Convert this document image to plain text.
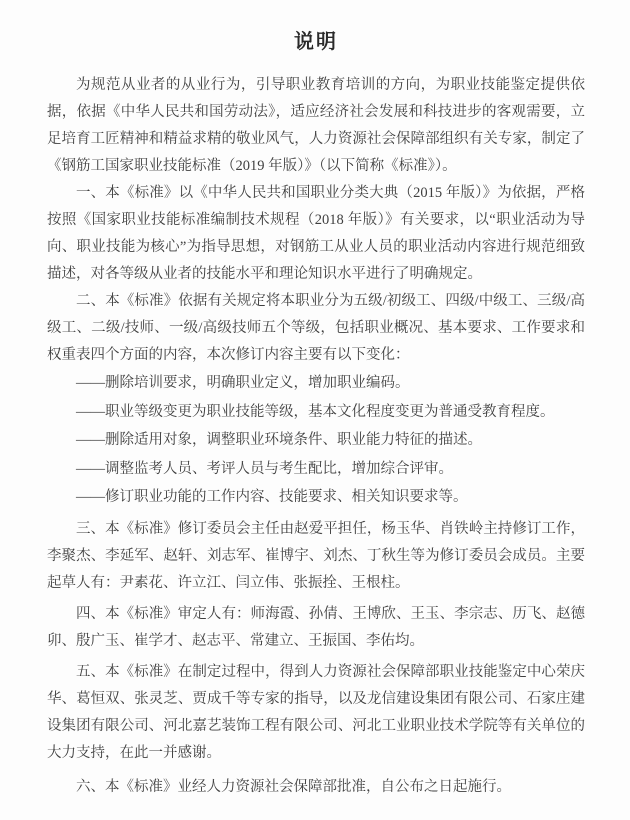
说明

为规范从业者的从业行为，引导职业教育培训的方向，为职业技能鉴定提供依据，依据《中华人民共和国劳动法》，适应经济社会发展和科技进步的客观需要，立足培育工匠精神和精益求精的敬业风气，人力资源社会保障部组织有关专家，制定了《钢筋工国家职业技能标准（2019 年版）》（以下简称《标准》）。

一、本《标准》以《中华人民共和国职业分类大典（2015 年版）》为依据，严格按照《国家职业技能标准编制技术规程（2018 年版）》有关要求，以“职业活动为导向、职业技能为核心”为指导思想，对钢筋工从业人员的职业活动内容进行规范细致描述，对各等级从业者的技能水平和理论知识水平进行了明确规定。

二、本《标准》依据有关规定将本职业分为五级/初级工、四级/中级工、三级/高级工、二级/技师、一级/高级技师五个等级，包括职业概况、基本要求、工作要求和权重表四个方面的内容，本次修订内容主要有以下变化：

——删除培训要求，明确职业定义，增加职业编码。

——职业等级变更为职业技能等级，基本文化程度变更为普通受教育程度。

——删除适用对象，调整职业环境条件、职业能力特征的描述。

——调整监考人员、考评人员与考生配比，增加综合评审。

——修订职业功能的工作内容、技能要求、相关知识要求等。

三、本《标准》修订委员会主任由赵爱平担任，杨玉华、肖铁岭主持修订工作，李聚杰、李延军、赵轩、刘志军、崔博宇、刘杰、丁秋生等为修订委员会成员。主要起草人有：尹素花、许立江、闫立伟、张振拴、王根柱。

四、本《标准》审定人有：师海霞、孙倩、王博欣、王玉、李宗志、历飞、赵德卯、殷广玉、崔学才、赵志平、常建立、王振国、李佑均。

五、本《标准》在制定过程中，得到人力资源社会保障部职业技能鉴定中心荣庆华、葛恒双、张灵芝、贾成千等专家的指导，以及龙信建设集团有限公司、石家庄建设集团有限公司、河北嘉艺装饰工程有限公司、河北工业职业技术学院等有关单位的大力支持，在此一并感谢。

六、本《标准》业经人力资源社会保障部批准，自公布之日起施行。
